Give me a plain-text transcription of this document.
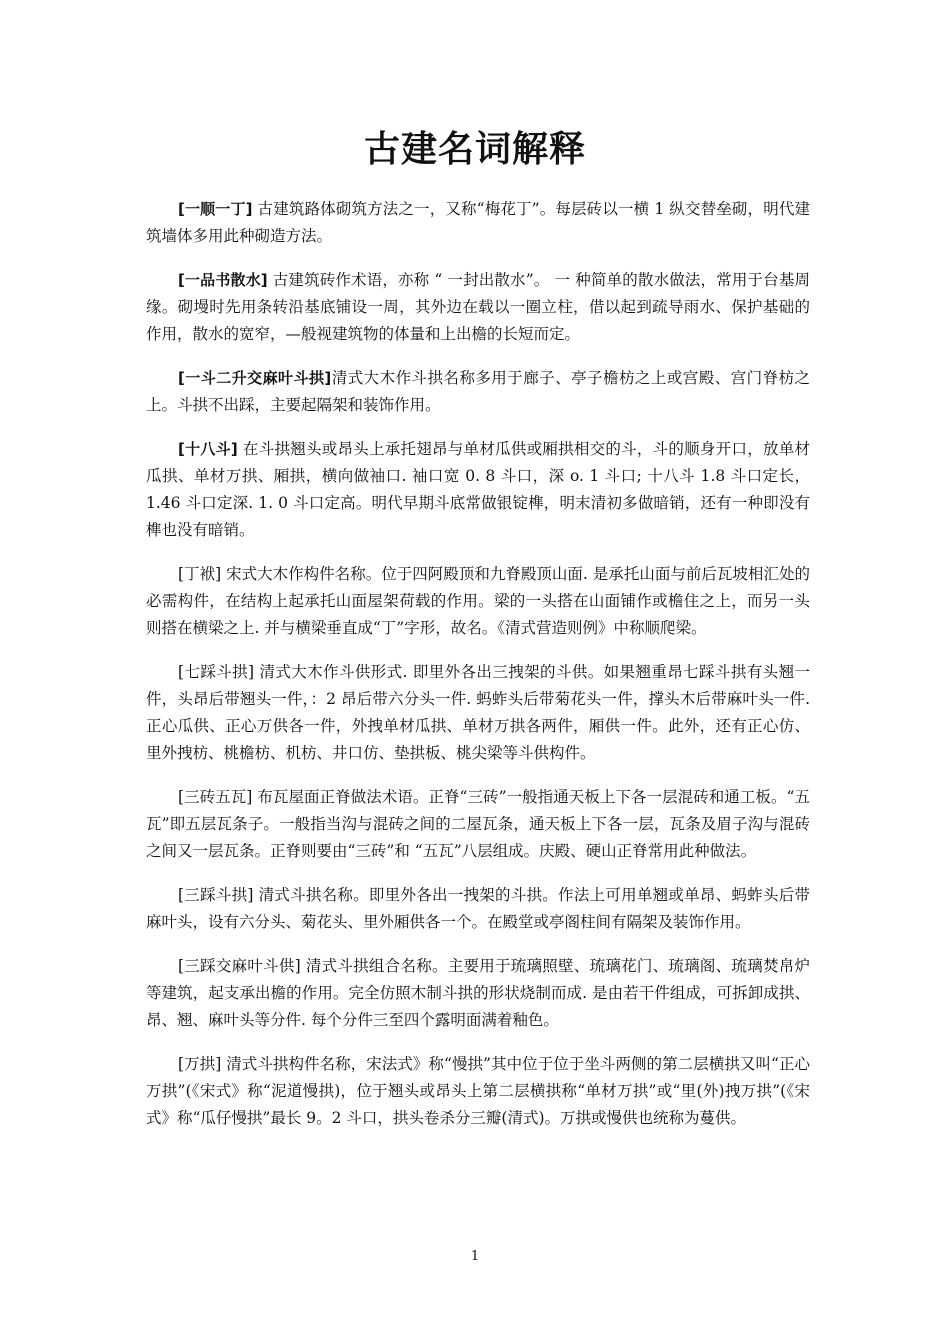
古建名词解释

[一顺一丁] 古建筑路体砌筑方法之一，又称“梅花丁”。每层砖以一横 1 纵交替垒砌，明代建筑墙体多用此种砌造方法。

[一品书散水] 古建筑砖作术语，亦称 “ 一封出散水”。 一 种简单的散水做法，常用于台基周缘。砌墁时先用条转沿基底铺设一周，其外边在载以一圈立柱，借以起到疏导雨水、保护基础的作用，散水的宽窄，—般视建筑物的体量和上出檐的长短而定。

[一斗二升交麻叶斗拱]清式大木作斗拱名称多用于廊子、亭子檐枋之上或宫殿、宫门脊枋之上。斗拱不出踩，主要起隔架和装饰作用。

[十八斗] 在斗拱翘头或昂头上承托翅昂与单材瓜供或厢拱相交的斗，斗的顺身开口，放单材瓜拱、单材万拱、厢拱，横向做袖口. 袖口宽 0. 8 斗口，深 o. 1 斗口; 十八斗 1.8 斗口定长，1.46 斗口定深. 1. 0 斗口定高。明代早期斗底常做银锭榫，明末清初多做暗销，还有一种即没有榫也没有暗销。

[丁袱] 宋式大木作构件名称。位于四阿殿顶和九脊殿顶山面. 是承托山面与前后瓦坡相汇处的必需构件，在结构上起承托山面屋架荷载的作用。梁的一头搭在山面铺作或檐住之上，而另一头则搭在横梁之上. 并与横梁垂直成“丁”字形，故名。《清式营造则例》中称顺爬梁。

[七踩斗拱] 清式大木作斗供形式. 即里外各出三拽架的斗供。如果翘重昂七踩斗拱有头翘一件，头昂后带翘头一件，：2 昂后带六分头一件. 蚂蚱头后带菊花头一件，撑头木后带麻叶头一件. 正心瓜供、正心万供各一件，外拽单材瓜拱、单材万拱各两件，厢供一件。此外，还有正心仿、里外拽枋、桃檐枋、机枋、井口仿、垫拱板、桃尖梁等斗供构件。

[三砖五瓦] 布瓦屋面正脊做法术语。正脊“三砖”一般指通天板上下各一层混砖和通工板。“五瓦”即五层瓦条子。一般指当沟与混砖之间的二屋瓦条，通天板上下各一层，瓦条及眉子沟与混砖之间又一层瓦条。正脊则要由“三砖”和 “五瓦”八层组成。庆殿、硬山正脊常用此种做法。

[三踩斗拱] 清式斗拱名称。即里外各出一拽架的斗拱。作法上可用单翘或单昂、蚂蚱头后带麻叶头，设有六分头、菊花头、里外厢供各一个。在殿堂或亭阁柱间有隔架及装饰作用。

[三踩交麻叶斗供] 清式斗拱组合名称。主要用于琉璃照壁、琉璃花门、琉璃阁、琉璃焚帛炉等建筑，起支承出檐的作用。完全仿照木制斗拱的形状烧制而成. 是由若干件组成，可拆卸成拱、昂、翘、麻叶头等分件. 每个分件三至四个露明面满着釉色。

[万拱] 清式斗拱构件名称，宋法式》称“慢拱”其中位于位于坐斗两侧的第二层横拱又叫“正心万拱”(《宋式》称“泥道慢拱)，位于翘头或昂头上第二层横拱称“单材万拱”或“里(外)拽万拱”(《宋式》称“瓜仔慢拱”最长 9。2 斗口，拱头卷杀分三瓣(清式)。万拱或慢供也统称为蔓供。

1
